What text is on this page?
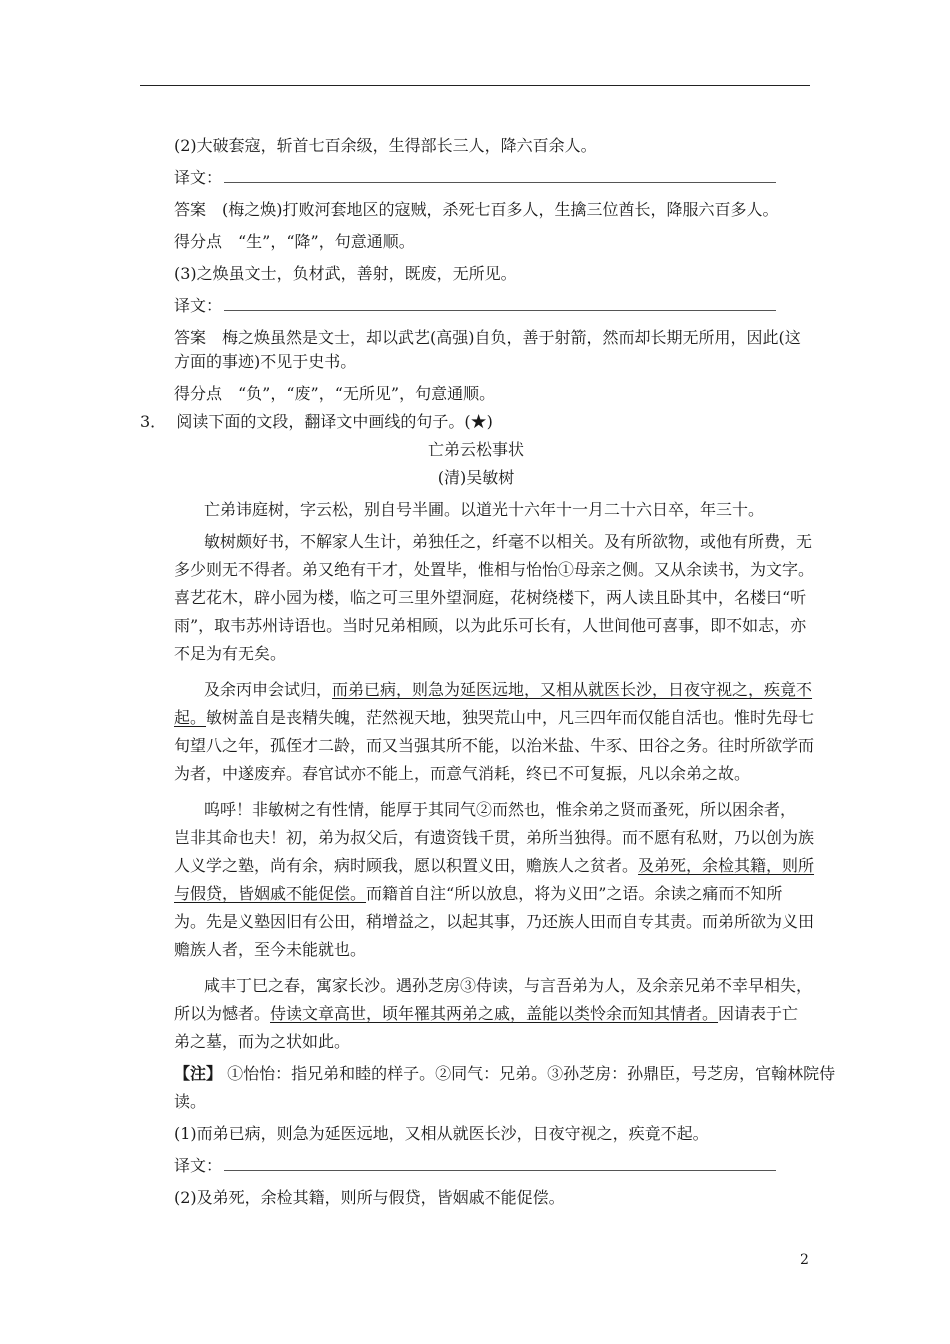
(2)大破套寇，斩首七百余级，生得部长三人，降六百余人。
译文：
答案　 (梅之焕)打败河套地区的寇贼，杀死七百多人，生擒三位酋长，降服六百多人。
得分点　“生”，“降”，句意通顺。
(3)之焕虽文士，负材武，善射，既废，无所见。
译文：
答案　 梅之焕虽然是文士，却以武艺(高强)自负，善于射箭，然而却长期无所用，因此(这
方面的事迹)不见于史书。
得分点　“负”，“废”，“无所见”，句意通顺。
3． 阅读下面的文段，翻译文中画线的句子。(★)
亡弟云松事状
(清)吴敏树
亡弟讳庭树，字云松，别自号半圃。以道光十六年十一月二十六日卒，年三十。
敏树颇好书，不解家人生计，弟独任之，纤毫不以相关。及有所欲物，或他有所费，无
多少则无不得者。弟又绝有干才，处置毕，惟相与怡怡①母亲之侧。又从余读书，为文字。
喜艺花木，辟小园为楼，临之可三里外望洞庭，花树绕楼下，两人读且卧其中，名楼曰“听
雨”，取韦苏州诗语也。当时兄弟相顾，以为此乐可长有，人世间他可喜事，即不如志，亦
不足为有无矣。
及余丙申会试归，而弟已病，则急为延医远地，又相从就医长沙，日夜守视之，疾竟不
起。敏树盖自是丧精失魄，茫然视天地，独哭荒山中，凡三四年而仅能自活也。惟时先母七
旬望八之年，孤侄才二龄，而又当强其所不能，以治米盐、牛豕、田谷之务。往时所欲学而
为者，中遂废弃。春官试亦不能上，而意气消耗，终已不可复振，凡以余弟之故。
呜呼！非敏树之有性情，能厚于其同气②而然也，惟余弟之贤而蚤死，所以困余者，
岂非其命也夫！初，弟为叔父后，有遗资钱千贯，弟所当独得。而不愿有私财，乃以创为族
人义学之塾，尚有余，病时顾我，愿以积置义田，赡族人之贫者。及弟死，余检其籍，则所
与假贷，皆姻戚不能促偿。而籍首自注“所以放息，将为义田”之语。余读之痛而不知所
为。先是义塾因旧有公田，稍增益之，以起其事，乃还族人田而自专其责。而弟所欲为义田
赡族人者，至今未能就也。
咸丰丁巳之春，寓家长沙。遇孙芝房③侍读，与言吾弟为人，及余亲兄弟不幸早相失，
所以为憾者。侍读文章高世，顷年罹其两弟之戚，盖能以类怜余而知其情者。因请表于亡
弟之墓，而为之状如此。
【注】 ①怡怡：指兄弟和睦的样子。②同气：兄弟。③孙芝房：孙鼎臣，号芝房，官翰林院侍
读。
(1)而弟已病，则急为延医远地，又相从就医长沙，日夜守视之，疾竟不起。
译文：
(2)及弟死，余检其籍，则所与假贷，皆姻戚不能促偿。
2
